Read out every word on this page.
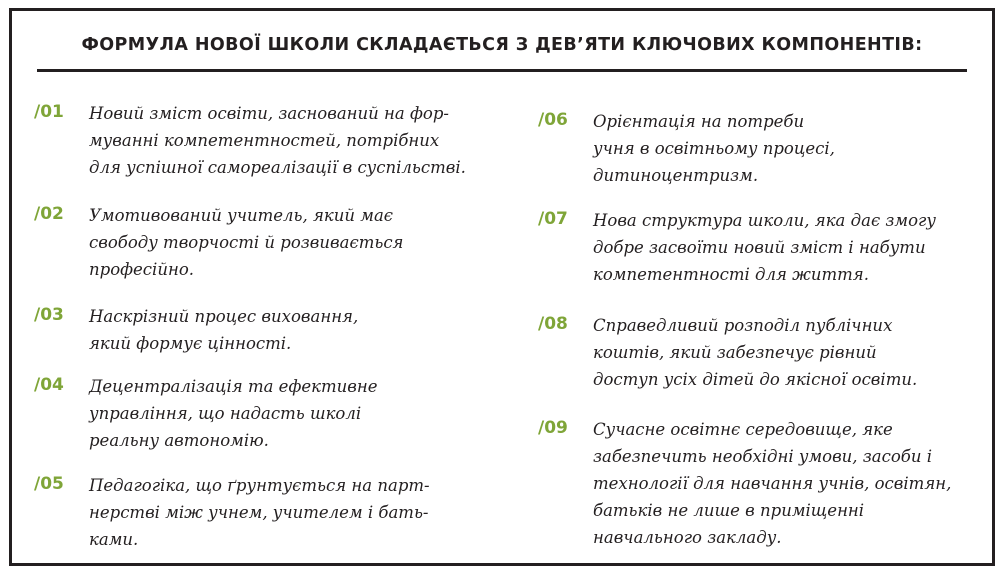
ФОРМУЛА НОВОЇ ШКОЛИ СКЛАДАЄТЬСЯ З ДЕВ’ЯТИ КЛЮЧОВИХ КОМПОНЕНТІВ:
/01 Новий зміст освіти, заснований на фор-
муванні компетентностей, потрібних
для успішної самореалізації в суспільстві.
/02 Умотивований учитель, який має
свободу творчості й розвивається
професійно.
/03 Наскрізний процес виховання,
який формує цінності.
/04 Децентралізація та ефективне
управління, що надасть школі
реальну автономію.
/05 Педагогіка, що ґрунтується на парт-
нерстві між учнем, учителем і бать-
ками.
/06 Орієнтація на потреби
учня в освітньому процесі,
дитиноцентризм.
/07 Нова структура школи, яка дає змогу
добре засвоїти новий зміст і набути
компетентності для життя.
/08 Справедливий розподіл публічних
коштів, який забезпечує рівний
доступ усіх дітей до якісної освіти.
/09 Сучасне освітнє середовище, яке
забезпечить необхідні умови, засоби і
технології для навчання учнів, освітян,
батьків не лише в приміщенні
навчального закладу.
